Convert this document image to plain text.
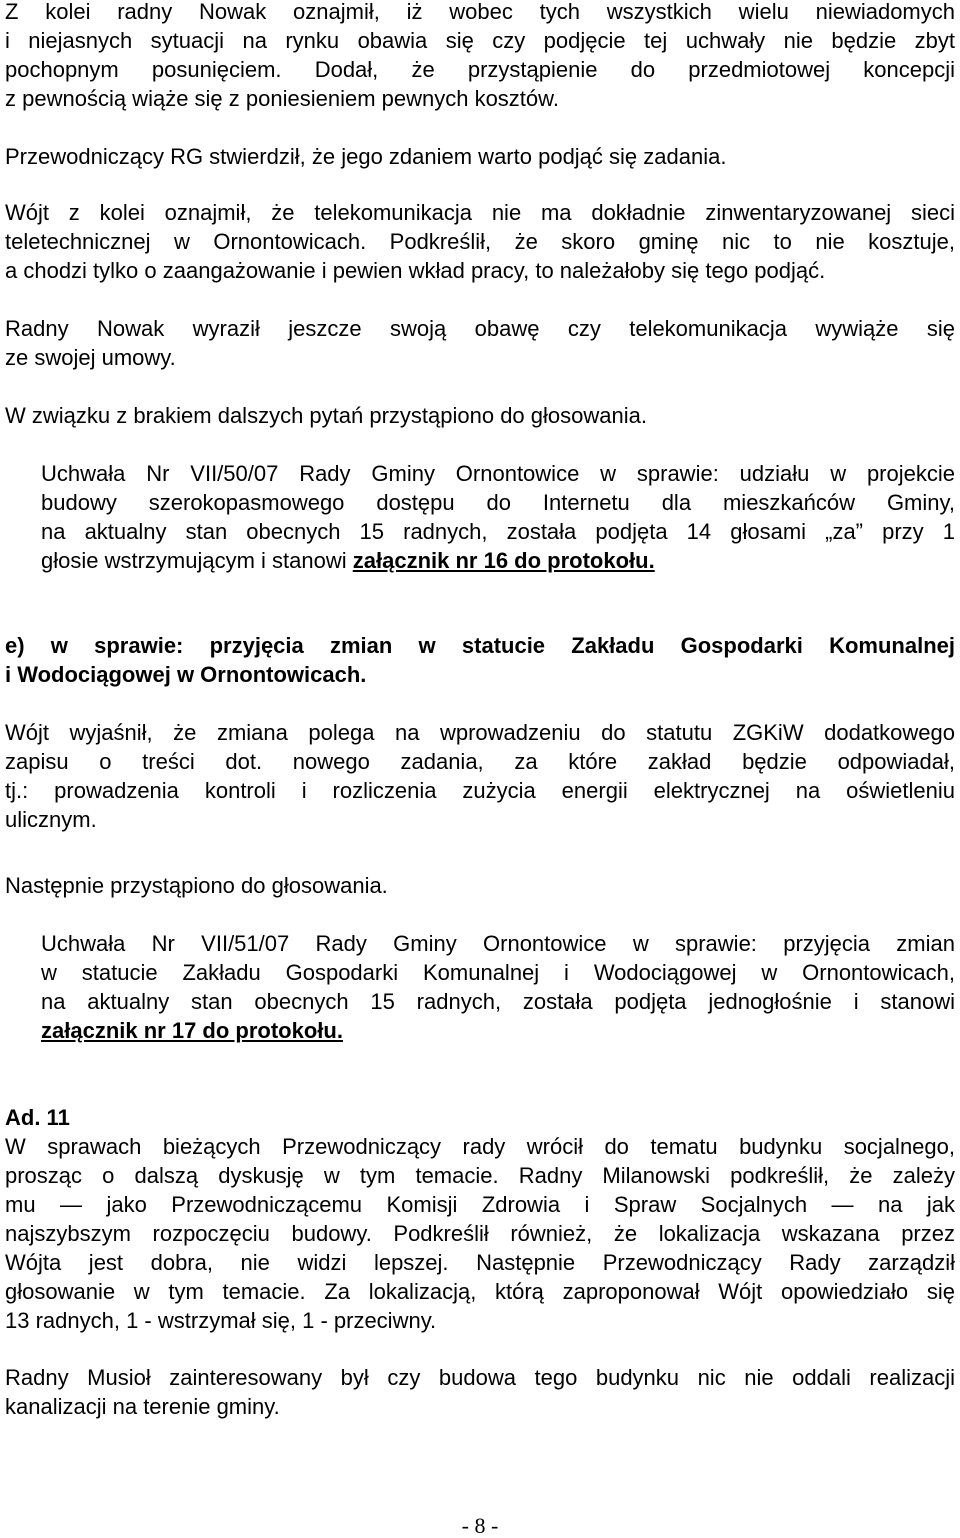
Z kolei radny Nowak oznajmił, iż wobec tych wszystkich wielu niewiadomych
i niejasnych sytuacji na rynku obawia się czy podjęcie tej uchwały nie będzie zbyt
pochopnym posunięciem. Dodał, że przystąpienie do przedmiotowej koncepcji
z pewnością wiąże się z poniesieniem pewnych kosztów.
Przewodniczący RG stwierdził, że jego zdaniem warto podjąć się zadania.
Wójt z kolei oznajmił, że telekomunikacja nie ma dokładnie zinwentaryzowanej sieci
teletechnicznej w Ornontowicach. Podkreślił, że skoro gminę nic to nie kosztuje,
a chodzi tylko o zaangażowanie i pewien wkład pracy, to należałoby się tego podjąć.
Radny Nowak wyraził jeszcze swoją obawę czy telekomunikacja wywiąże się
ze swojej umowy.
W związku z brakiem dalszych pytań przystąpiono do głosowania.
Uchwała Nr VII/50/07 Rady Gminy Ornontowice w sprawie: udziału w projekcie
budowy szerokopasmowego dostępu do Internetu dla mieszkańców Gminy,
na aktualny stan obecnych 15 radnych, została podjęta 14 głosami „za” przy 1
głosie wstrzymującym i stanowi załącznik nr 16 do protokołu.
e) w sprawie: przyjęcia zmian w statucie Zakładu Gospodarki Komunalnej
i Wodociągowej w Ornontowicach.
Wójt wyjaśnił, że zmiana polega na wprowadzeniu do statutu ZGKiW dodatkowego
zapisu o treści dot. nowego zadania, za które zakład będzie odpowiadał,
tj.: prowadzenia kontroli i rozliczenia zużycia energii elektrycznej na oświetleniu
ulicznym.
Następnie przystąpiono do głosowania.
Uchwała Nr VII/51/07 Rady Gminy Ornontowice w sprawie: przyjęcia zmian
w statucie Zakładu Gospodarki Komunalnej i Wodociągowej w Ornontowicach,
na aktualny stan obecnych 15 radnych, została podjęta jednogłośnie i stanowi
załącznik nr 17 do protokołu.
Ad. 11
W sprawach bieżących Przewodniczący rady wrócił do tematu budynku socjalnego,
prosząc o dalszą dyskusję w tym temacie. Radny Milanowski podkreślił, że zależy
mu — jako Przewodniczącemu Komisji Zdrowia i Spraw Socjalnych — na jak
najszybszym rozpoczęciu budowy. Podkreślił również, że lokalizacja wskazana przez
Wójta jest dobra, nie widzi lepszej. Następnie Przewodniczący Rady zarządził
głosowanie w tym temacie. Za lokalizacją, którą zaproponował Wójt opowiedziało się
13 radnych, 1 - wstrzymał się, 1 - przeciwny.
Radny Musioł zainteresowany był czy budowa tego budynku nic nie oddali realizacji
kanalizacji na terenie gminy.
- 8 -
